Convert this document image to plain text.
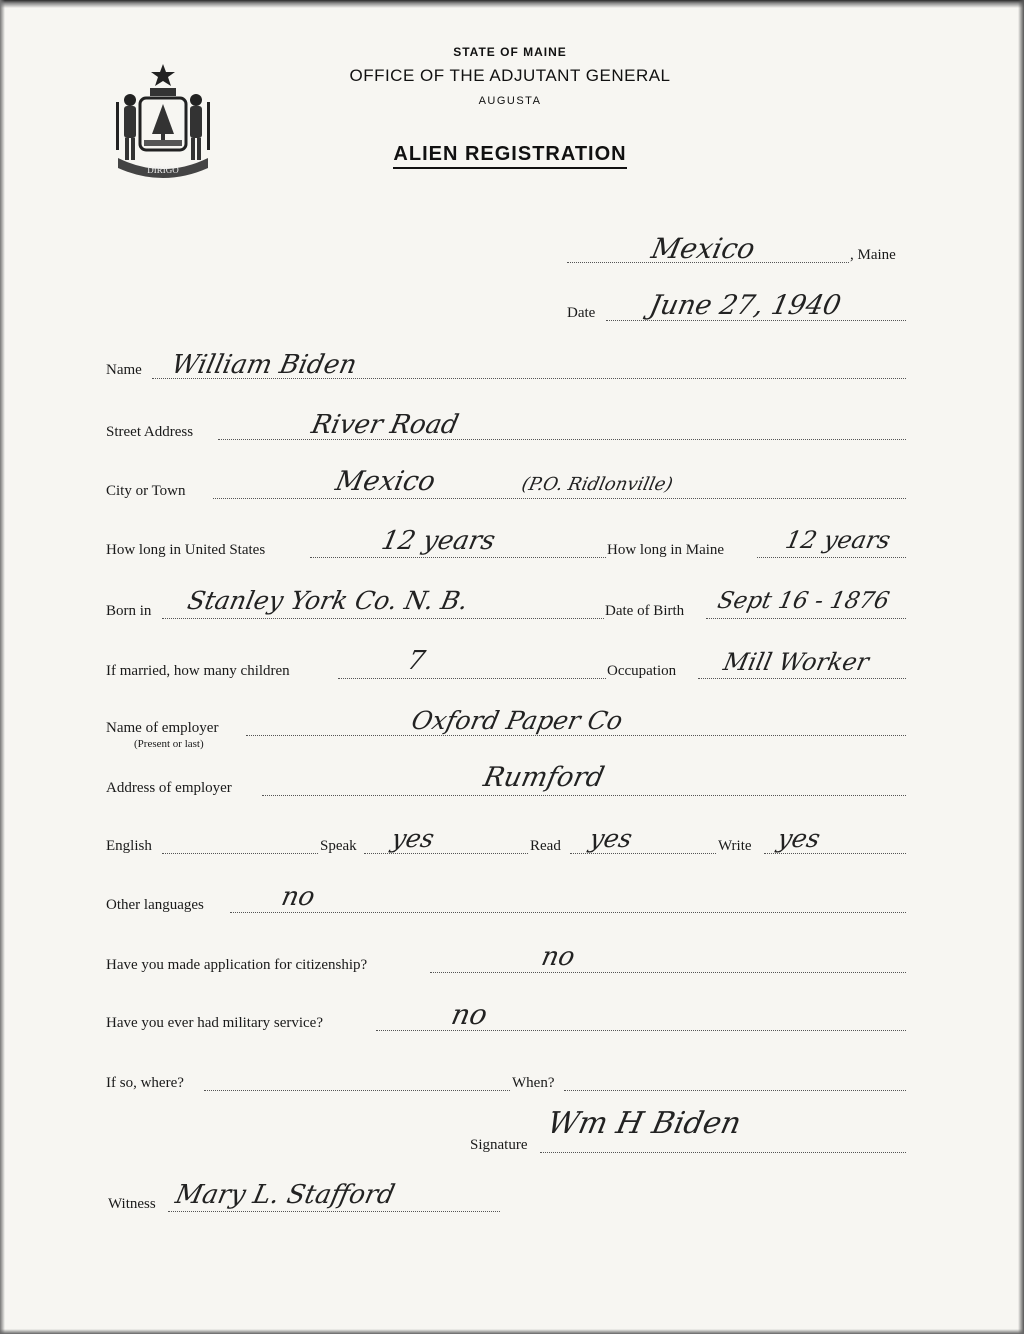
DIRIGO
STATE OF MAINE
OFFICE OF THE ADJUTANT GENERAL
AUGUSTA
ALIEN REGISTRATION
Mexico	, Maine
Date June 27, 1940
Name William Biden
Street Address	River Road
City or Town	Mexico	(P.O. Ridlonville)
How long in United States	12 years	How long in Maine 12 years
Born in Stanley York Co. N. B.	Date of Birth Sept 16 - 1876
If married, how many children	7	Occupation Mill Worker
Name of employer
(Present or last)
Oxford Paper Co
Address of employer	Rumford
English	Speak yes	Read yes	Write yes
Other languages	no
Have you made application for citizenship?	no
Have you ever had military service?	no
If so, where?	When?
Signature
Wm H Biden
Witness Mary L. Stafford
